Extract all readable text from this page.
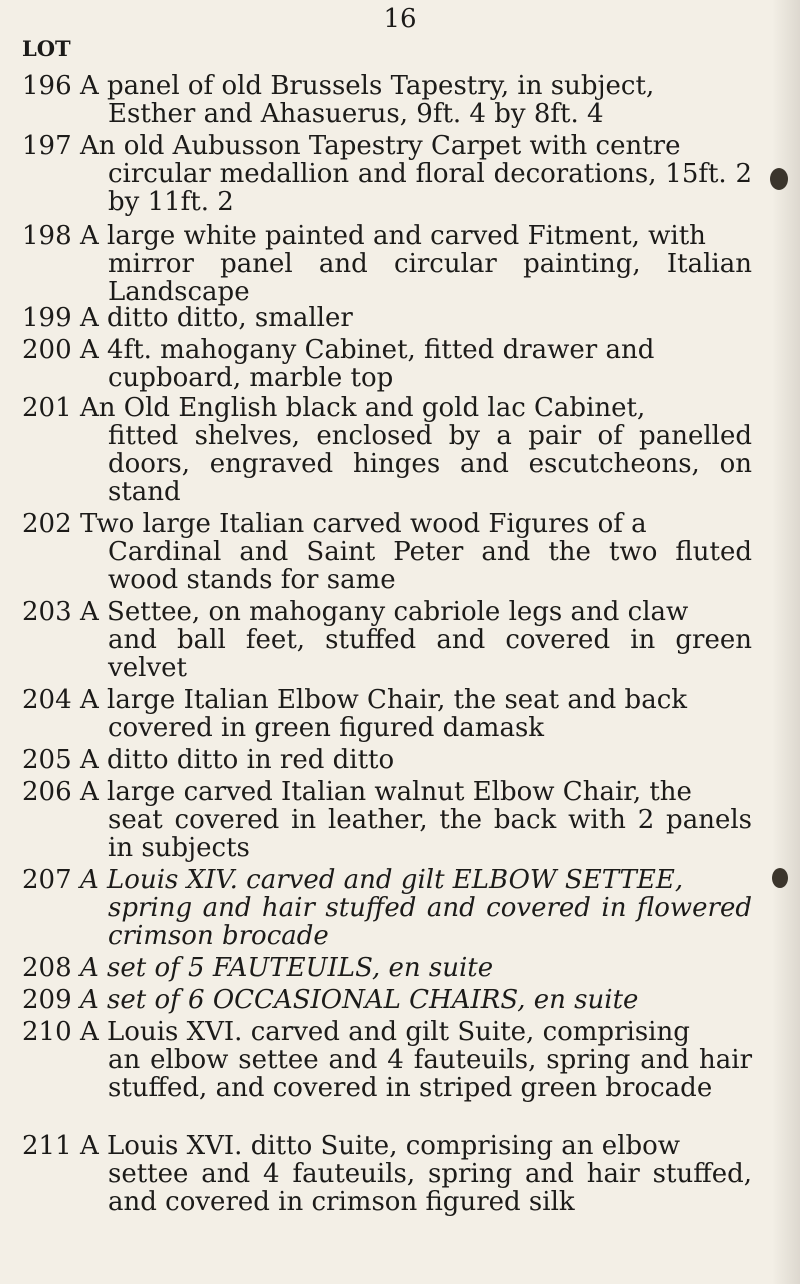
16
LOT
196 A panel of old Brussels Tapestry, in subject,
Esther and Ahasuerus, 9ft. 4 by 8ft. 4
197 An old Aubusson Tapestry Carpet with centre
circular medallion and floral decorations, 15ft. 2 by 11ft. 2
198 A large white painted and carved Fitment, with
mirror panel and circular painting, Italian Landscape
199 A ditto ditto, smaller
200 A 4ft. mahogany Cabinet, fitted drawer and
cupboard, marble top
201 An Old English black and gold lac Cabinet,
fitted shelves, enclosed by a pair of panelled doors, engraved hinges and escutcheons, on stand
202 Two large Italian carved wood Figures of a
Cardinal and Saint Peter and the two fluted wood stands for same
203 A Settee, on mahogany cabriole legs and claw
and ball feet, stuffed and covered in green velvet
204 A large Italian Elbow Chair, the seat and back
covered in green figured damask
205 A ditto ditto in red ditto
206 A large carved Italian walnut Elbow Chair, the
seat covered in leather, the back with 2 panels in subjects
207 A Louis XIV. carved and gilt ELBOW SETTEE,
spring and hair stuffed and covered in flowered crimson brocade
208 A set of 5 FAUTEUILS, en suite
209 A set of 6 OCCASIONAL CHAIRS, en suite
210 A Louis XVI. carved and gilt Suite, comprising
an elbow settee and 4 fauteuils, spring and hair stuffed, and covered in striped green brocade
211 A Louis XVI. ditto Suite, comprising an elbow
settee and 4 fauteuils, spring and hair stuffed, and covered in crimson figured silk
